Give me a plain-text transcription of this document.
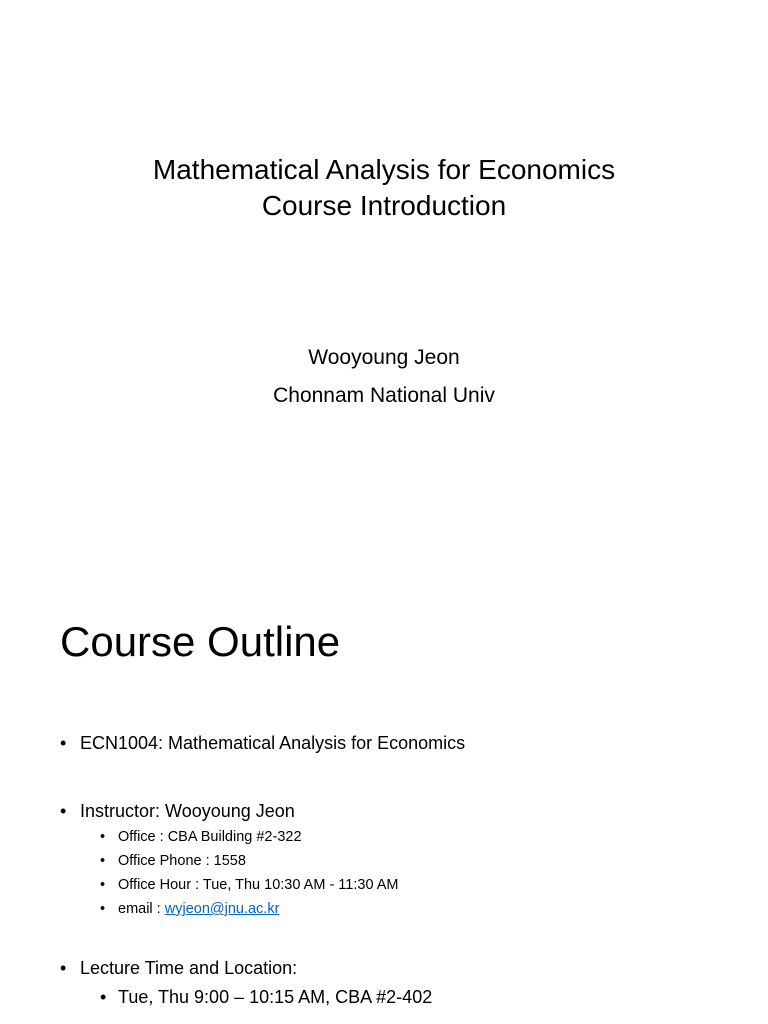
Mathematical Analysis for Economics
Course Introduction
Wooyoung Jeon
Chonnam National Univ
Course Outline
• ECN1004: Mathematical Analysis for Economics
• Instructor: Wooyoung Jeon
• Office : CBA Building #2-322
• Office Phone : 1558
• Office Hour : Tue, Thu 10:30 AM - 11:30 AM
• email : wyjeon@jnu.ac.kr
• Lecture Time and Location:
• Tue, Thu 9:00 – 10:15 AM, CBA #2-402
